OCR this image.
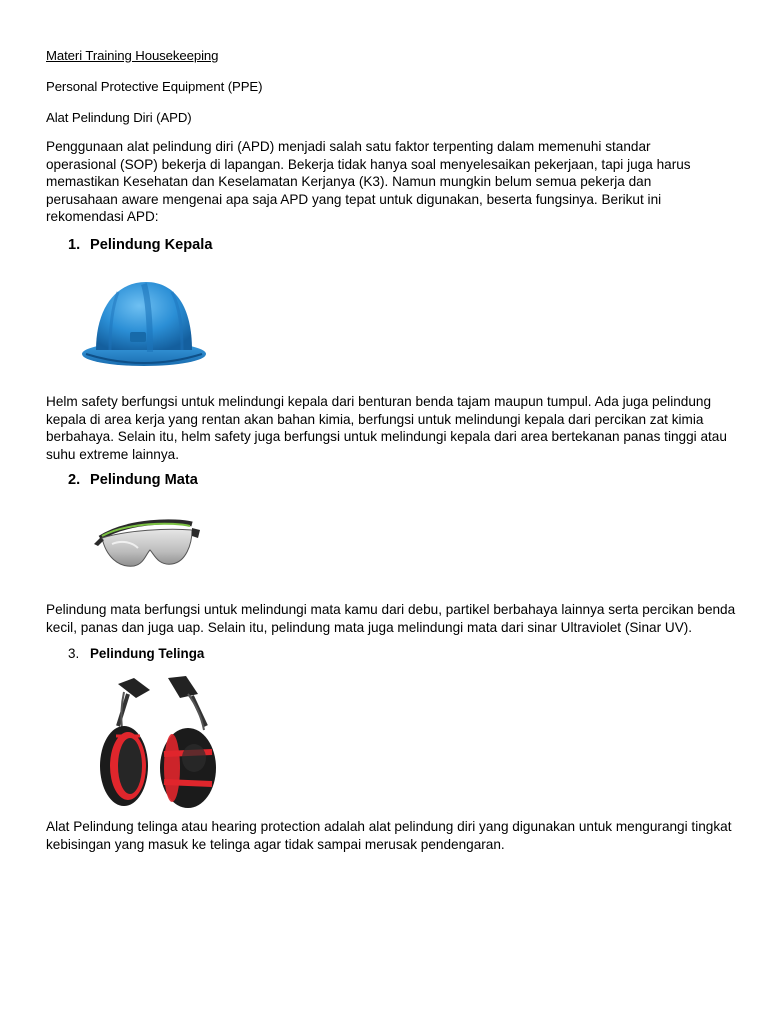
Materi Training Housekeeping
Personal Protective Equipment (PPE)
Alat Pelindung Diri (APD)
Penggunaan alat pelindung diri (APD) menjadi salah satu faktor terpenting dalam memenuhi standar
operasional (SOP) bekerja di lapangan. Bekerja tidak hanya soal menyelesaikan pekerjaan, tapi juga harus
memastikan Kesehatan dan Keselamatan Kerjanya (K3). Namun mungkin belum semua pekerja dan
perusahaan aware mengenai apa saja APD yang tepat untuk digunakan, beserta fungsinya. Berikut ini
rekomendasi APD:
1. Pelindung Kepala
Helm safety berfungsi untuk melindungi kepala dari benturan benda tajam maupun tumpul. Ada juga pelindung
kepala di area kerja yang rentan akan bahan kimia, berfungsi untuk melindungi kepala dari percikan zat kimia
berbahaya. Selain itu, helm safety juga berfungsi untuk melindungi kepala dari area bertekanan panas tinggi atau
suhu extreme lainnya.
2. Pelindung Mata
Pelindung mata berfungsi untuk melindungi mata kamu dari debu, partikel berbahaya lainnya serta percikan benda
kecil, panas dan juga uap. Selain itu, pelindung mata juga melindungi mata dari sinar Ultraviolet (Sinar UV).
3. Pelindung Telinga
Alat Pelindung telinga atau hearing protection adalah alat pelindung diri yang digunakan untuk mengurangi tingkat
kebisingan yang masuk ke telinga agar tidak sampai merusak pendengaran.
